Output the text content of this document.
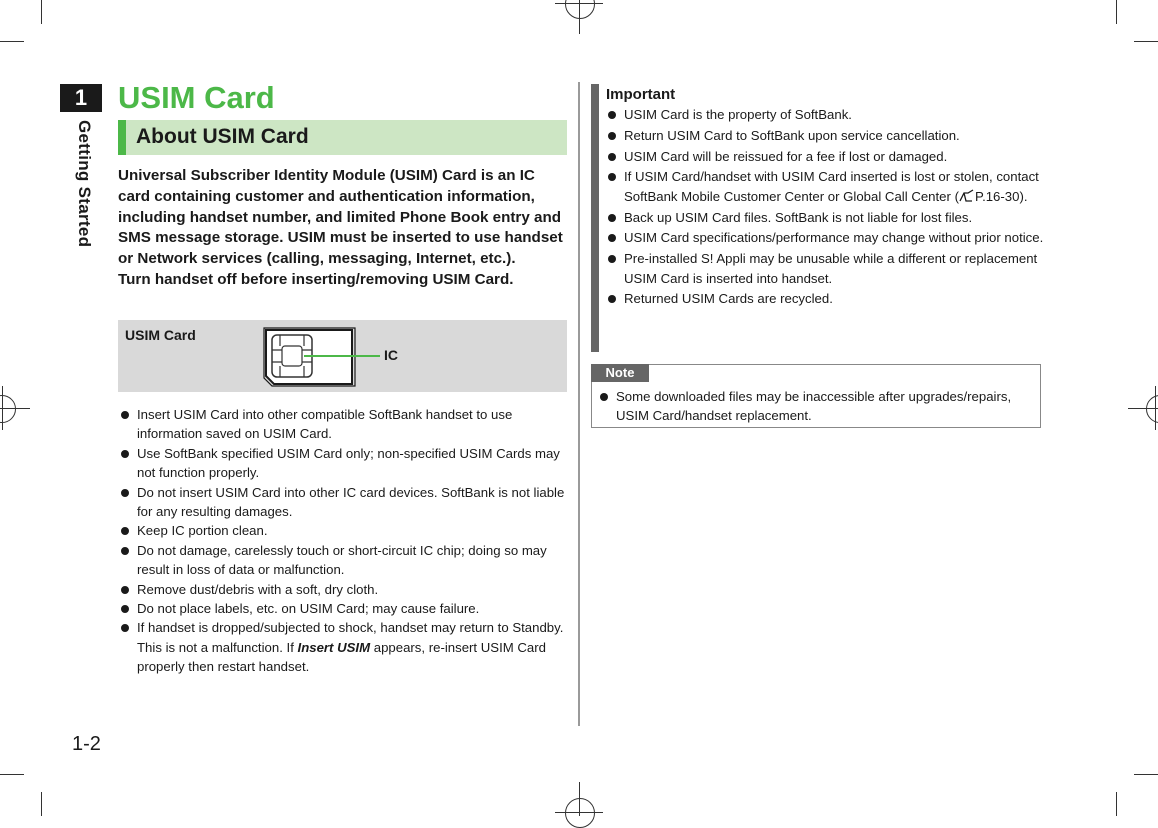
1
Getting Started
1-2
USIM Card
About USIM Card

Universal Subscriber Identity Module (USIM) Card is an IC card containing customer and authentication information, including handset number, and limited Phone Book entry and SMS message storage. USIM must be inserted to use handset or Network services (calling, messaging, Internet, etc.).

Turn handset off before inserting/removing USIM Card.

USIM Card
IC
Insert USIM Card into other compatible SoftBank handset to use information saved on USIM Card.
Use SoftBank specified USIM Card only; non-specified USIM Cards may not function properly.
Do not insert USIM Card into other IC card devices. SoftBank is not liable for any resulting damages.
Keep IC portion clean.
Do not damage, carelessly touch or short-circuit IC chip; doing so may result in loss of data or malfunction.
Remove dust/debris with a soft, dry cloth.
Do not place labels, etc. on USIM Card; may cause failure.
If handset is dropped/subjected to shock, handset may return to Standby. This is not a malfunction. If Insert USIM appears, re-insert USIM Card properly then restart handset.
Important
USIM Card is the property of SoftBank.
Return USIM Card to SoftBank upon service cancellation.
USIM Card will be reissued for a fee if lost or damaged.
If USIM Card/handset with USIM Card inserted is lost or stolen, contact SoftBank Mobile Customer Center or Global Call Center ( P.16-30).
Back up USIM Card files. SoftBank is not liable for lost files.
USIM Card specifications/performance may change without prior notice.
Pre-installed S! Appli may be unusable while a different or replacement USIM Card is inserted into handset.
Returned USIM Cards are recycled.
Note
Some downloaded files may be inaccessible after upgrades/repairs, USIM Card/handset replacement.
